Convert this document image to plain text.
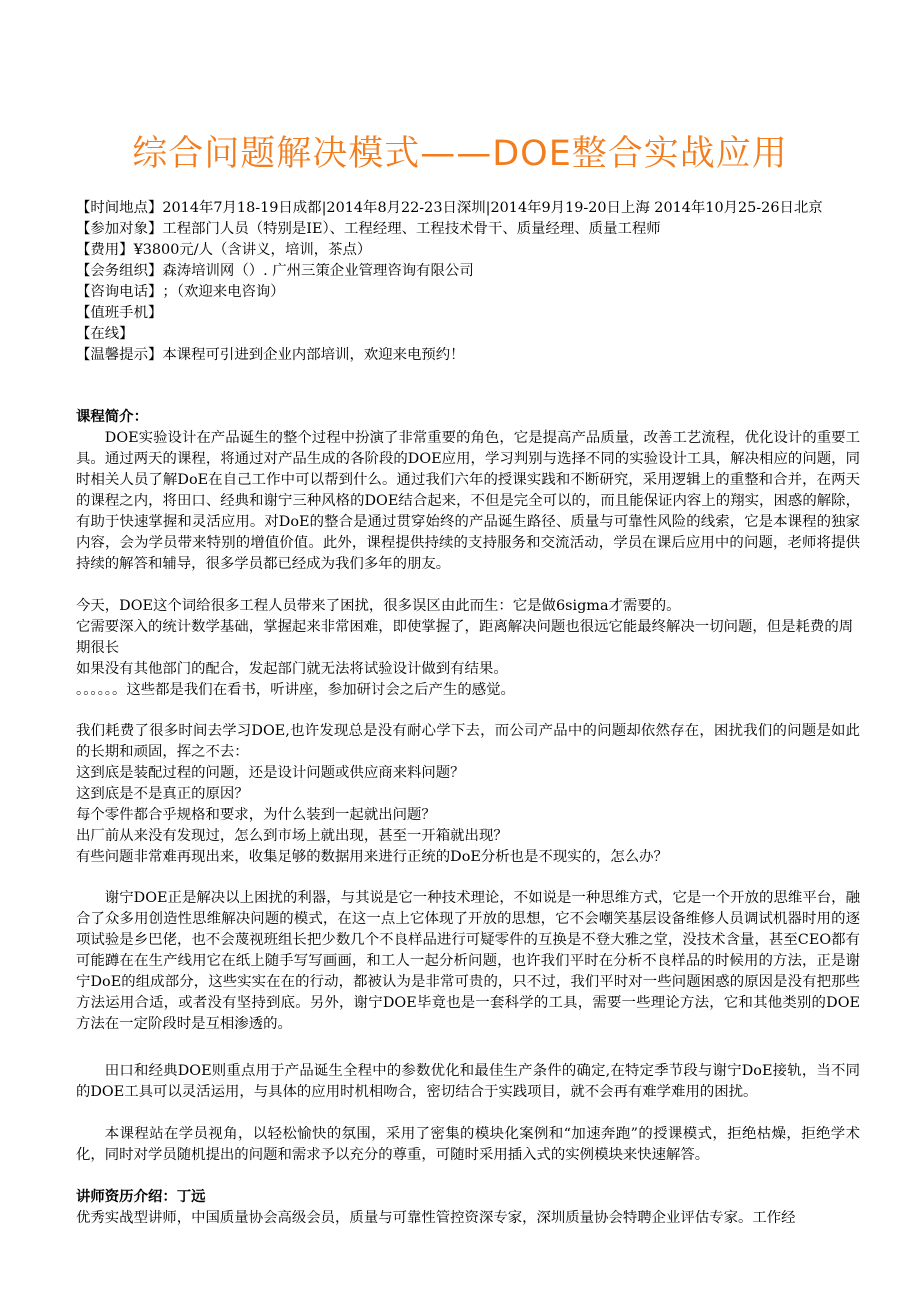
综合问题解决模式——DOE整合实战应用
【时间地点】 2014年7月18-19日成都|2014年8月22-23日深圳|2014年9月19-20日上海 2014年10月25-26日北京
【参加对象】 工程部门人员（特别是IE）、工程经理、工程技术骨干、质量经理、质量工程师
【费用】 ¥3800元/人（含讲义，培训，茶点）
【会务组织】 森涛培训网（）. 广州三策企业管理咨询有限公司
【咨询电话】 ；（欢迎来电咨询）
【值班手机】
【在线】
【温馨提示】 本课程可引进到企业内部培训，欢迎来电预约！
课程简介：

DOE实验设计在产品诞生的整个过程中扮演了非常重要的角色，它是提高产品质量，改善工艺流程，优化设计的重要工具。通过两天的课程，将通过对产品生成的各阶段的DOE应用，学习判别与选择不同的实验设计工具，解决相应的问题，同时相关人员了解DoE在自己工作中可以帮到什么。通过我们六年的授课实践和不断研究，采用逻辑上的重整和合并，在两天的课程之内，将田口、经典和谢宁三种风格的DOE结合起来，不但是完全可以的，而且能保证内容上的翔实，困惑的解除，有助于快速掌握和灵活应用。对DoE的整合是通过贯穿始终的产品诞生路径、质量与可靠性风险的线索，它是本课程的独家内容，会为学员带来特别的增值价值。此外，课程提供持续的支持服务和交流活动，学员在课后应用中的问题，老师将提供持续的解答和辅导，很多学员都已经成为我们多年的朋友。

今天，DOE这个词给很多工程人员带来了困扰，很多误区由此而生：它是做6sigma才需要的。
它需要深入的统计数学基础，掌握起来非常困难，即使掌握了，距离解决问题也很远它能最终解决一切问题，但是耗费的周期很长
如果没有其他部门的配合，发起部门就无法将试验设计做到有结果。
。。。。。。这些都是我们在看书，听讲座，参加研讨会之后产生的感觉。
我们耗费了很多时间去学习DOE,也许发现总是没有耐心学下去，而公司产品中的问题却依然存在，困扰我们的问题是如此的长期和顽固，挥之不去：
这到底是装配过程的问题，还是设计问题或供应商来料问题？
这到底是不是真正的原因？
每个零件都合乎规格和要求，为什么装到一起就出问题？
出厂前从来没有发现过，怎么到市场上就出现，甚至一开箱就出现？
有些问题非常难再现出来，收集足够的数据用来进行正统的DoE分析也是不现实的，怎么办？

谢宁DOE正是解决以上困扰的利器，与其说是它一种技术理论，不如说是一种思维方式，它是一个开放的思维平台，融合了众多用创造性思维解决问题的模式，在这一点上它体现了开放的思想，它不会嘲笑基层设备维修人员调试机器时用的逐项试验是乡巴佬，也不会蔑视班组长把少数几个不良样品进行可疑零件的互换是不登大雅之堂，没技术含量，甚至CEO都有可能蹲在在生产线用它在纸上随手写写画画，和工人一起分析问题，也许我们平时在分析不良样品的时候用的方法，正是谢宁DoE的组成部分，这些实实在在的行动，都被认为是非常可贵的，只不过，我们平时对一些问题困惑的原因是没有把那些方法运用合适，或者没有坚持到底。另外，谢宁DOE毕竟也是一套科学的工具，需要一些理论方法，它和其他类别的DOE方法在一定阶段时是互相渗透的。

田口和经典DOE则重点用于产品诞生全程中的参数优化和最佳生产条件的确定,在特定季节段与谢宁DoE接轨，当不同的DOE工具可以灵活运用，与具体的应用时机相吻合，密切结合于实践项目，就不会再有难学难用的困扰。

本课程站在学员视角，以轻松愉快的氛围，采用了密集的模块化案例和“加速奔跑”的授课模式，拒绝枯燥，拒绝学术化，同时对学员随机提出的问题和需求予以充分的尊重，可随时采用插入式的实例模块来快速解答。

讲师资历介绍：丁远

优秀实战型讲师，中国质量协会高级会员，质量与可靠性管控资深专家，深圳质量协会特聘企业评估专家。工作经
